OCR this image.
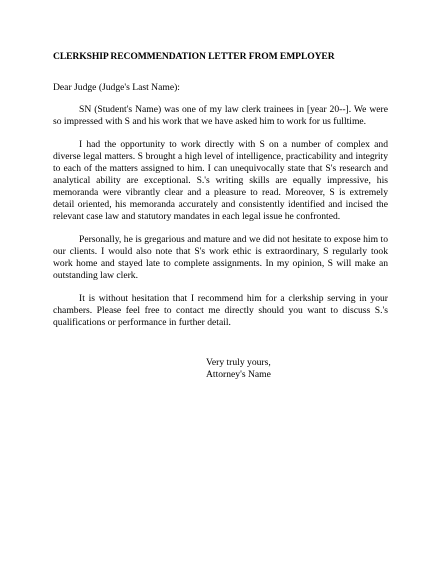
CLERKSHIP RECOMMENDATION LETTER FROM EMPLOYER
Dear Judge (Judge's Last Name):

SN (Student's Name) was one of my law clerk trainees in [year 20--]. We were so impressed with S and his work that we have asked him to work for us fulltime.

I had the opportunity to work directly with S on a number of complex and diverse legal matters. S brought a high level of intelligence, practicability and integrity to each of the matters assigned to him. I can unequivocally state that S's research and analytical ability are exceptional. S.'s writing skills are equally impressive, his memoranda were vibrantly clear and a pleasure to read. Moreover, S is extremely detail oriented, his memoranda accurately and consistently identified and incised the relevant case law and statutory mandates in each legal issue he confronted.

Personally, he is gregarious and mature and we did not hesitate to expose him to our clients. I would also note that S's work ethic is extraordinary, S regularly took work home and stayed late to complete assignments. In my opinion, S will make an outstanding law clerk.

It is without hesitation that I recommend him for a clerkship serving in your chambers. Please feel free to contact me directly should you want to discuss S.'s qualifications or performance in further detail.

Very truly yours,
Attorney's Name
